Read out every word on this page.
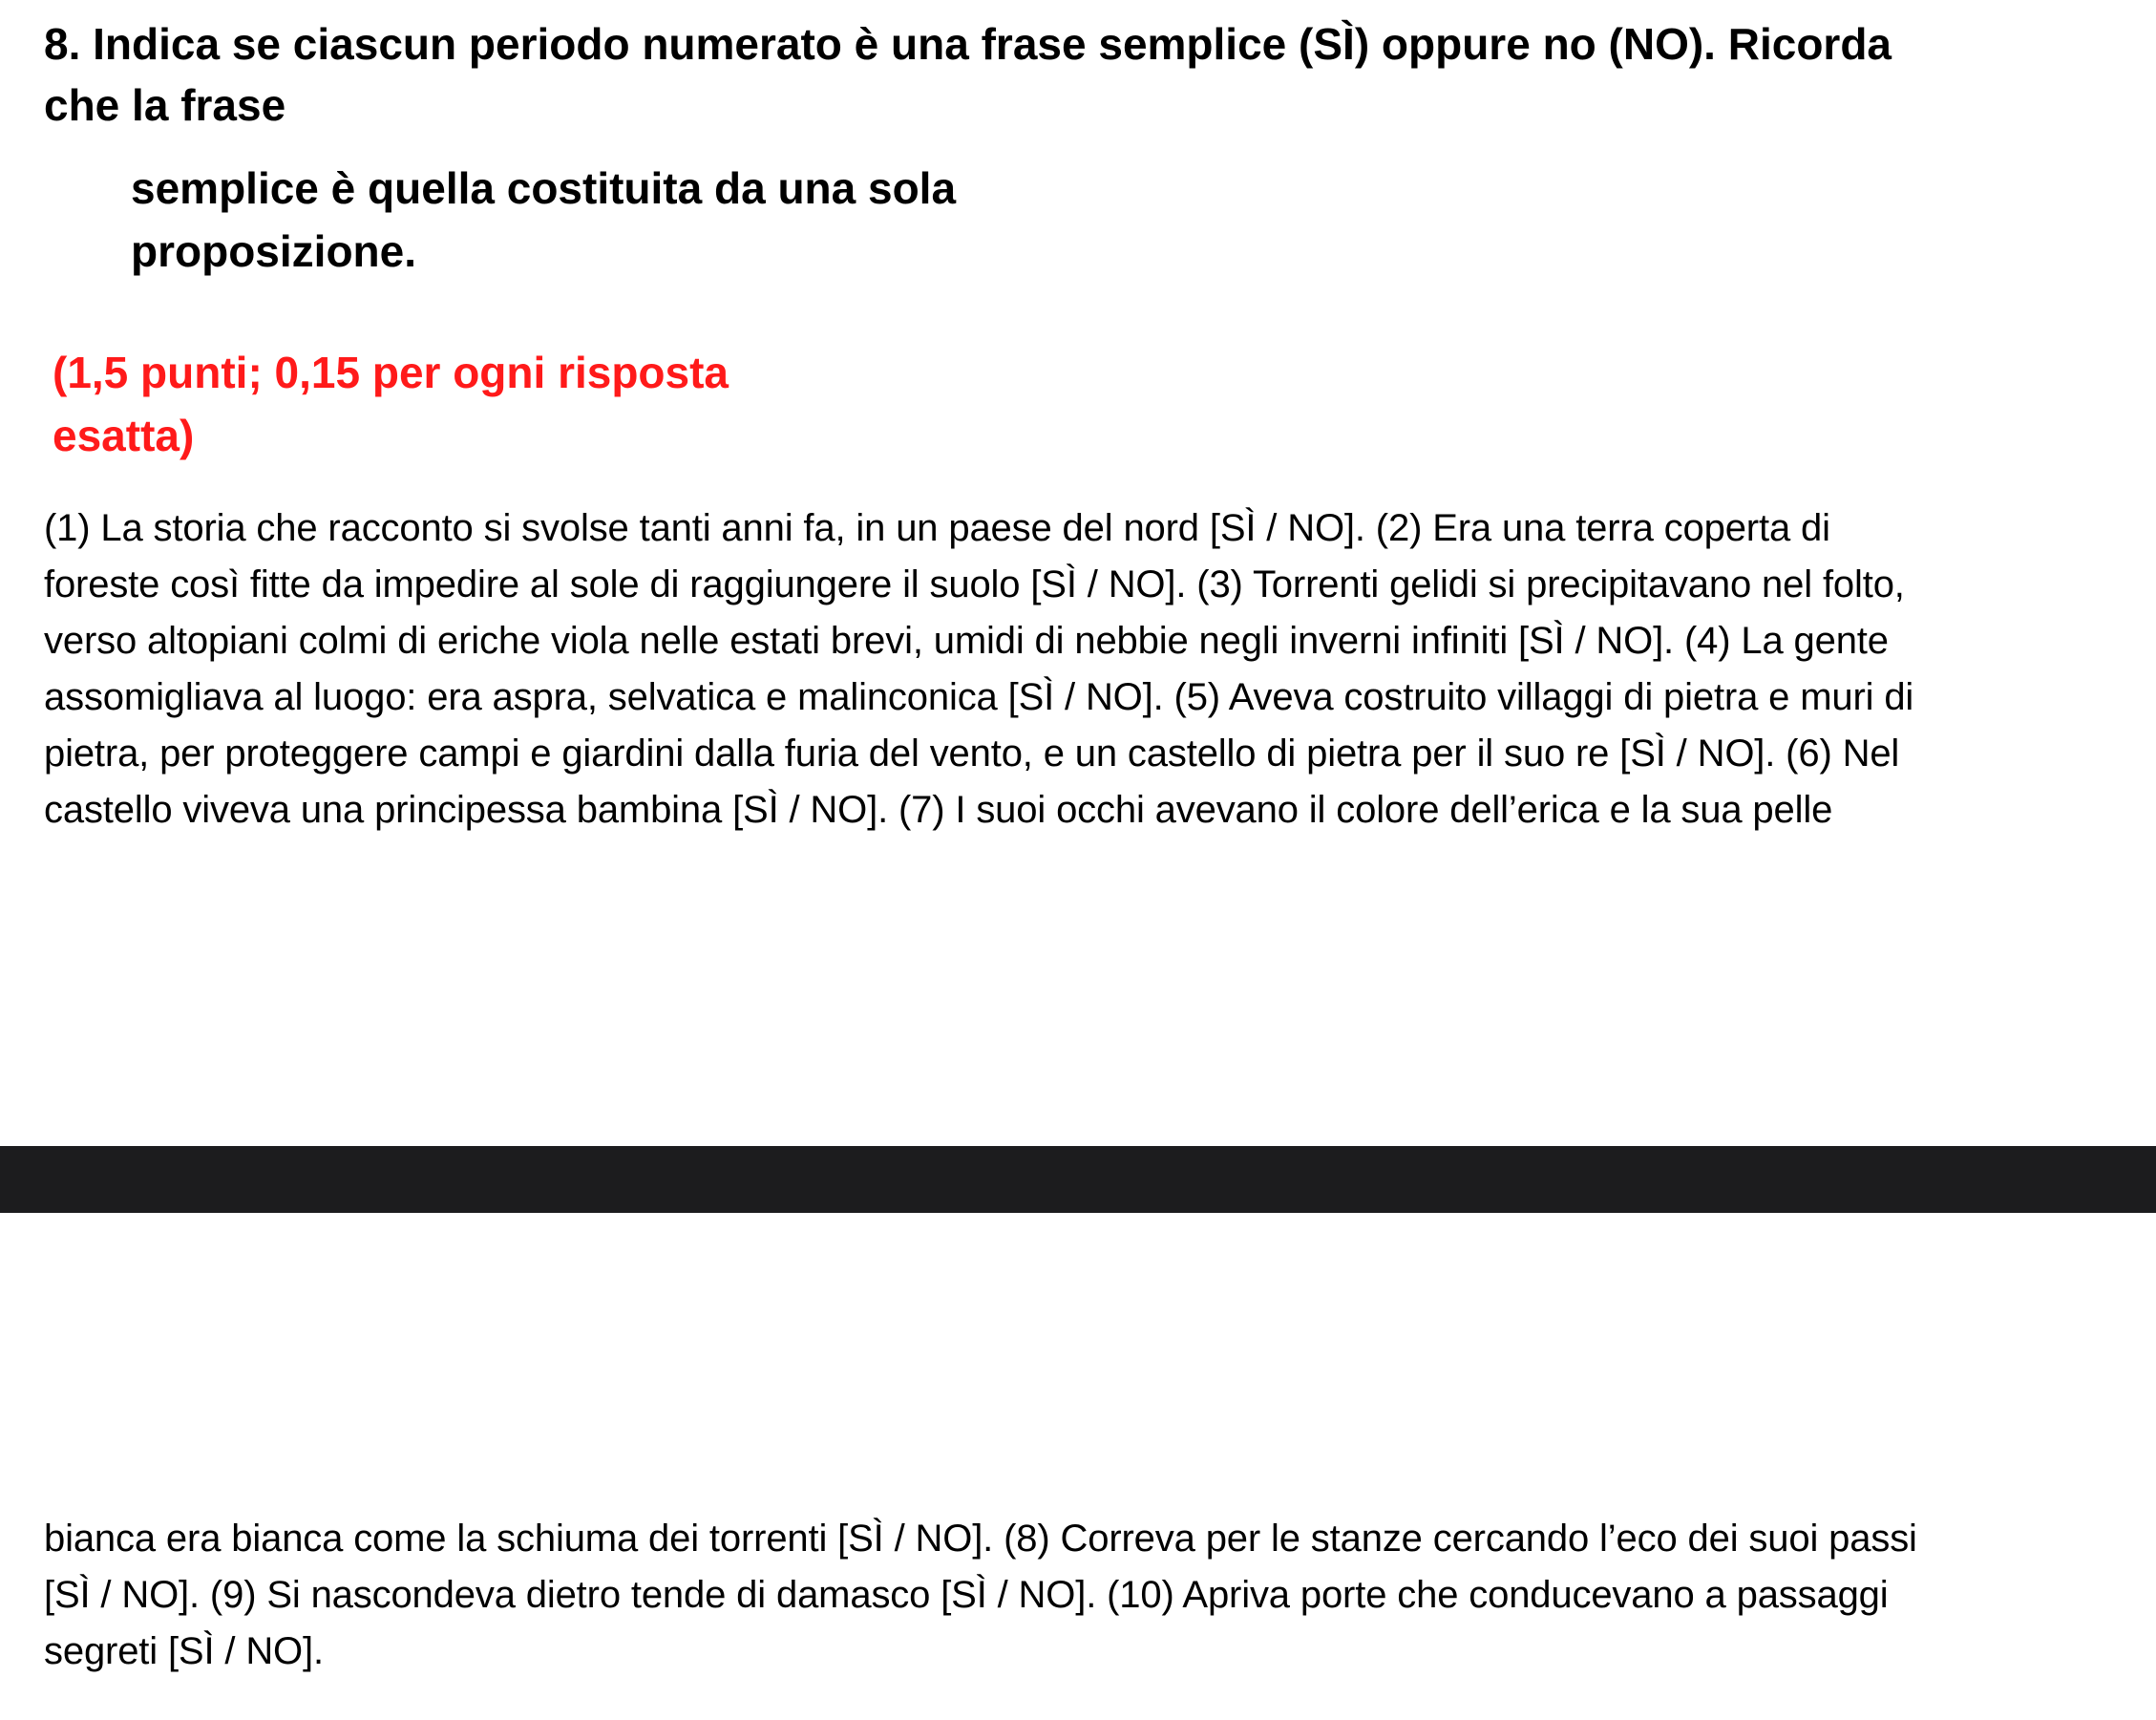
8. Indica se ciascun periodo numerato è una frase semplice (SÌ) oppure no (NO). Ricorda
che la frase

semplice è quella costituita da una sola
proposizione.

(1,5 punti; 0,15 per ogni risposta
esatta)

(1) La storia che racconto si svolse tanti anni fa, in un paese del nord [SÌ / NO]. (2) Era una terra coperta di
foreste così fitte da impedire al sole di raggiungere il suolo [SÌ / NO]. (3) Torrenti gelidi si precipitavano nel folto,
verso altopiani colmi di eriche viola nelle estati brevi, umidi di nebbie negli inverni infiniti [SÌ / NO]. (4) La gente
assomigliava al luogo: era aspra, selvatica e malinconica [SÌ / NO]. (5) Aveva costruito villaggi di pietra e muri di
pietra, per proteggere campi e giardini dalla furia del vento, e un castello di pietra per il suo re [SÌ / NO]. (6) Nel
castello viveva una principessa bambina [SÌ / NO]. (7) I suoi occhi avevano il colore dell’erica e la sua pelle

bianca era bianca come la schiuma dei torrenti [SÌ / NO]. (8) Correva per le stanze cercando l’eco dei suoi passi
[SÌ / NO]. (9) Si nascondeva dietro tende di damasco [SÌ / NO]. (10) Apriva porte che conducevano a passaggi
segreti [SÌ / NO].
